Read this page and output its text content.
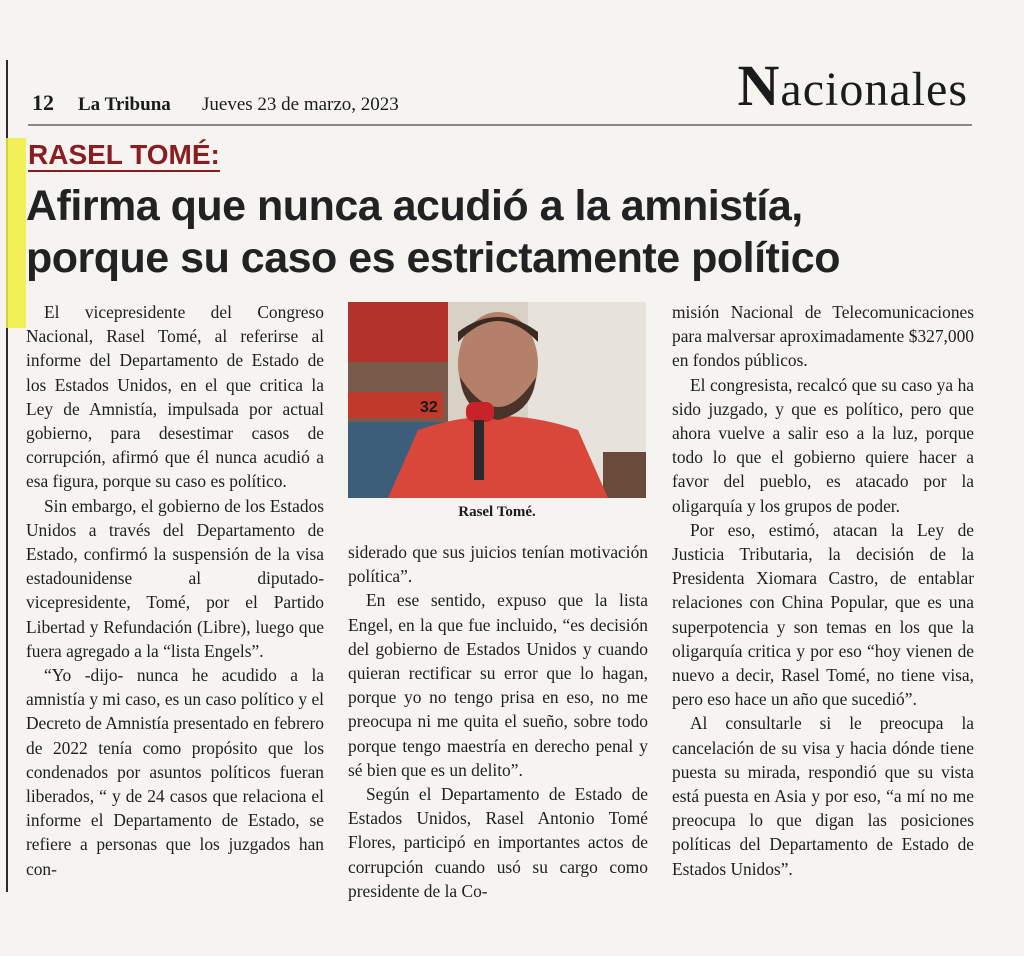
12 La Tribuna Jueves 23 de marzo, 2023	Nacionales
RASEL TOMÉ:
Afirma que nunca acudió a la amnistía,
porque su caso es estrictamente político

El vicepresidente del Congreso Nacional, Rasel Tomé, al referirse al informe del Departamento de Estado de los Estados Unidos, en el que critica la Ley de Amnistía, impulsada por actual gobierno, para desestimar casos de corrupción, afirmó que él nunca acudió a esa figura, porque su caso es político.

Sin embargo, el gobierno de los Estados Unidos a través del Departamento de Estado, confirmó la suspensión de la visa estadounidense al diputado-vicepresidente, Tomé, por el Partido Libertad y Refundación (Libre), luego que fuera agregado a la “lista Engels”.

“Yo -dijo- nunca he acudido a la amnistía y mi caso, es un caso político y el Decreto de Amnistía presentado en febrero de 2022 tenía como propósito que los condenados por asuntos políticos fueran liberados, “ y de 24 casos que relaciona el informe el Departamento de Estado, se refiere a personas que los juzgados han con-

32
Rasel Tomé.

siderado que sus juicios tenían motivación política”.

En ese sentido, expuso que la lista Engel, en la que fue incluido, “es decisión del gobierno de Estados Unidos y cuando quieran rectificar su error que lo hagan, porque yo no tengo prisa en eso, no me preocupa ni me quita el sueño, sobre todo porque tengo maestría en derecho penal y sé bien que es un delito”.

Según el Departamento de Estado de Estados Unidos, Rasel Antonio Tomé Flores, participó en importantes actos de corrupción cuando usó su cargo como presidente de la Co-

misión Nacional de Telecomunicaciones para malversar aproximadamente $327,000 en fondos públicos.

El congresista, recalcó que su caso ya ha sido juzgado, y que es político, pero que ahora vuelve a salir eso a la luz, porque todo lo que el gobierno quiere hacer a favor del pueblo, es atacado por la oligarquía y los grupos de poder.

Por eso, estimó, atacan la Ley de Justicia Tributaria, la decisión de la Presidenta Xiomara Castro, de entablar relaciones con China Popular, que es una superpotencia y son temas en los que la oligarquía critica y por eso “hoy vienen de nuevo a decir, Rasel Tomé, no tiene visa, pero eso hace un año que sucedió”.

Al consultarle si le preocupa la cancelación de su visa y hacia dónde tiene puesta su mirada, respondió que su vista está puesta en Asia y por eso, “a mí no me preocupa lo que digan las posiciones políticas del Departamento de Estado de Estados Unidos”.
